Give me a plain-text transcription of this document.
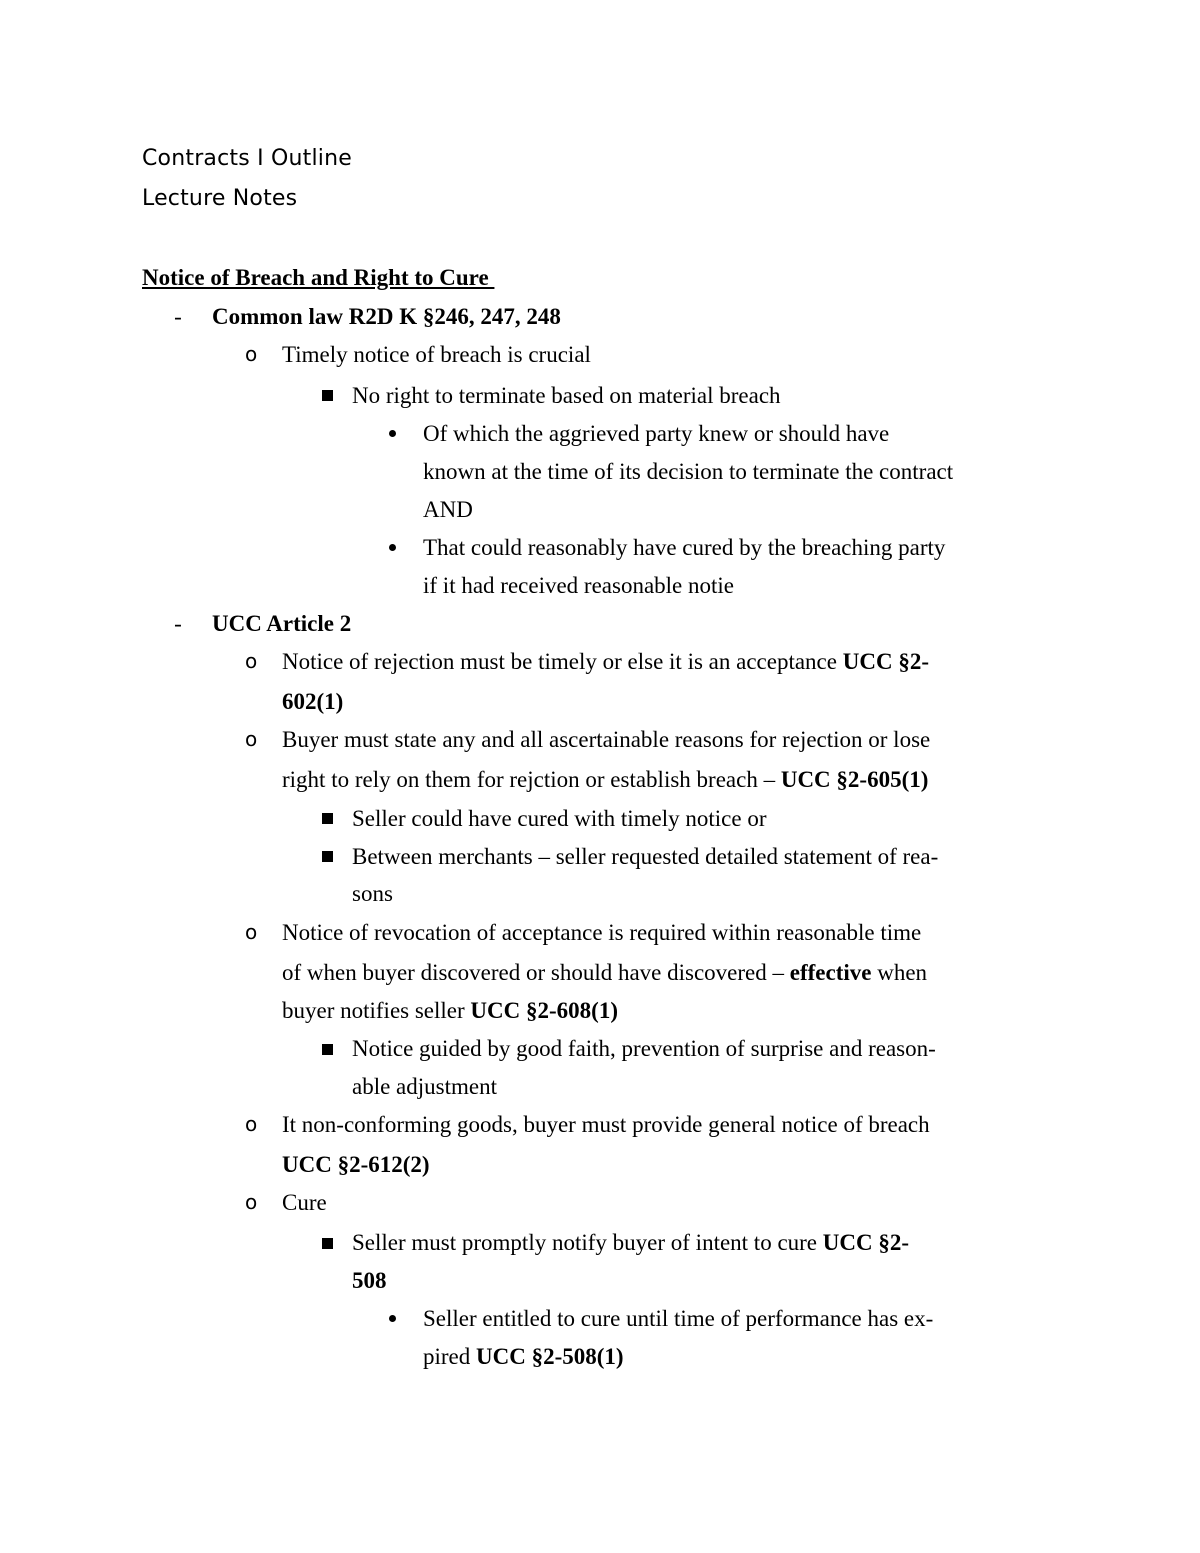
Contracts I Outline
Lecture Notes
Notice of Breach and Right to Cure
- Common law R2D K §246, 247, 248
o Timely notice of breach is crucial
No right to terminate based on material breach
Of which the aggrieved party knew or should have
known at the time of its decision to terminate the contract
AND
That could reasonably have cured by the breaching party
if it had received reasonable notie
- UCC Article 2
o Notice of rejection must be timely or else it is an acceptance UCC §2-
602(1)
o Buyer must state any and all ascertainable reasons for rejection or lose
right to rely on them for rejction or establish breach – UCC §2-605(1)
Seller could have cured with timely notice or
Between merchants – seller requested detailed statement of rea-
sons
o Notice of revocation of acceptance is required within reasonable time
of when buyer discovered or should have discovered – effective when
buyer notifies seller UCC §2-608(1)
Notice guided by good faith, prevention of surprise and reason-
able adjustment
o It non-conforming goods, buyer must provide general notice of breach
UCC §2-612(2)
o Cure
Seller must promptly notify buyer of intent to cure UCC §2-
508
Seller entitled to cure until time of performance has ex-
pired UCC §2-508(1)
